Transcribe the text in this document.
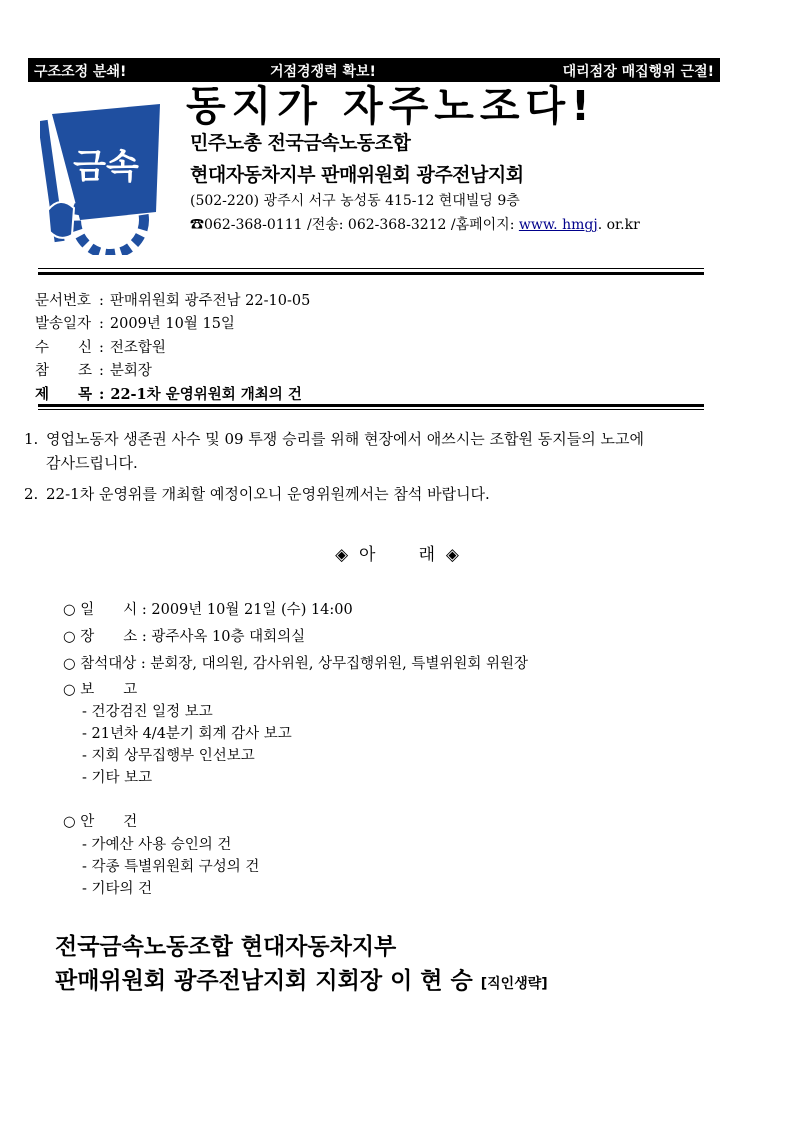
구조조정 분쇄!	거점경쟁력 확보!	대리점장 매집행위 근절!
금속
동지가 자주노조다!
민주노총 전국금속노동조합
현대자동차지부 판매위원회 광주전남지회
(502-220) 광주시 서구 농성동 415-12 현대빌딩 9층
☎062-368-0111 /전송: 062-368-3212 /홈페이지: www. hmgj. or.kr
문서번호 : 판매위원회 광주전남 22-10-05
발송일자 : 2009년 10월 15일
수　　신 : 전조합원
참　　조 : 분회장
제　　목 : 22-1차 운영위원회 개최의 건
1. 영업노동자 생존권 사수 및 09 투쟁 승리를 위해 현장에서 애쓰시는 조합원 동지들의 노고에
감사드립니다.
2. 22-1차 운영위를 개최할 예정이오니 운영위원께서는 참석 바랍니다.
◈  아        래  ◈
○ 일　　시 : 2009년 10월 21일 (수) 14:00
○ 장　　소 : 광주사옥 10층 대회의실
○ 참석대상 : 분회장, 대의원, 감사위원, 상무집행위원, 특별위원회 위원장
○ 보　　고
- 건강검진 일정 보고
- 21년차 4/4분기 회계 감사 보고
- 지회 상무집행부 인선보고
- 기타 보고
○ 안　　건
- 가예산 사용 승인의 건
- 각종 특별위원회 구성의 건
- 기타의 건
전국금속노동조합 현대자동차지부
판매위원회 광주전남지회 지회장 이 현 승 [직인생략]
